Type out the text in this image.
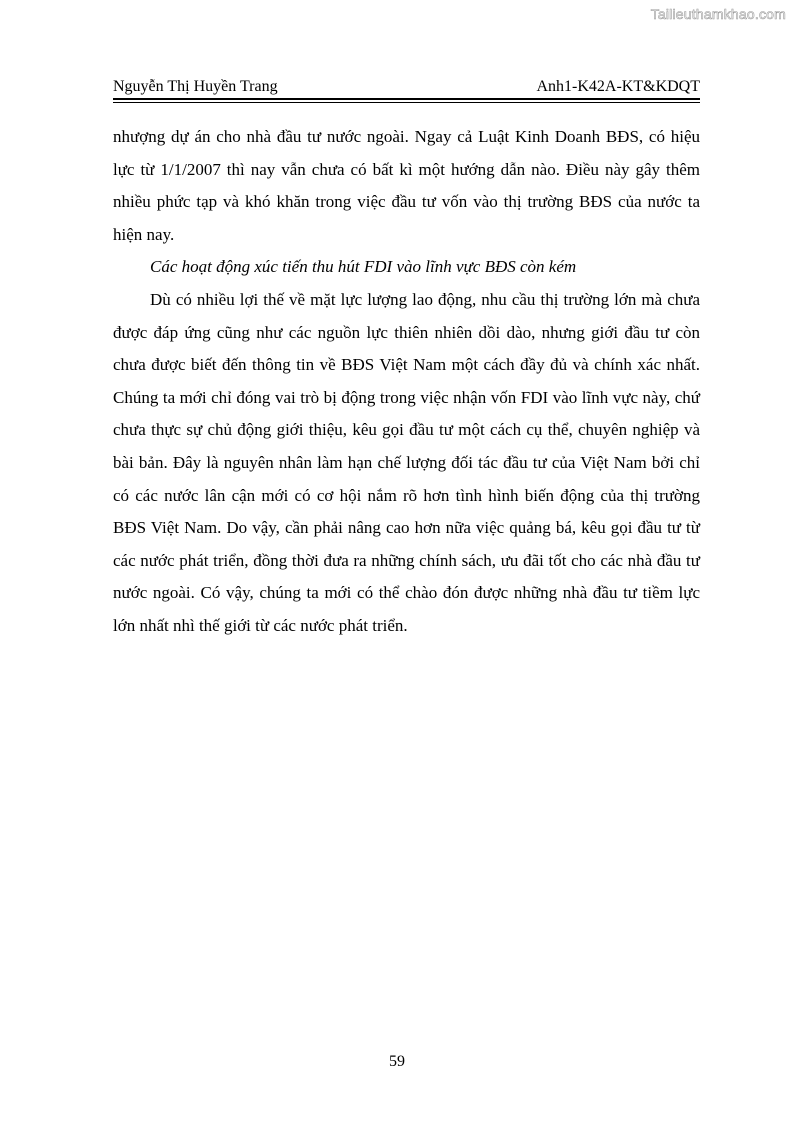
Tailieuthamkhao.com
Nguyễn Thị Huyền Trang	Anh1-K42A-KT&KDQT

nhượng dự án cho nhà đầu tư nước ngoài. Ngay cả Luật Kinh Doanh BĐS, có hiệu lực từ 1/1/2007 thì nay vẫn chưa có bất kì một hướng dẫn nào. Điều này gây thêm nhiều phức tạp và khó khăn trong việc đầu tư vốn vào thị trường BĐS của nước ta hiện nay.

Các hoạt động xúc tiến thu hút FDI vào lĩnh vực BĐS còn kém

Dù có nhiều lợi thế về mặt lực lượng lao động, nhu cầu thị trường lớn mà chưa được đáp ứng cũng như các nguồn lực thiên nhiên dồi dào, nhưng giới đầu tư còn chưa được biết đến thông tin về BĐS Việt Nam một cách đầy đủ và chính xác nhất. Chúng ta mới chỉ đóng vai trò bị động trong việc nhận vốn FDI vào lĩnh vực này, chứ chưa thực sự chủ động giới thiệu, kêu gọi đầu tư một cách cụ thể, chuyên nghiệp và bài bản. Đây là nguyên nhân làm hạn chế lượng đối tác đầu tư của Việt Nam bởi chỉ có các nước lân cận mới có cơ hội nắm rõ hơn tình hình biến động của thị trường BĐS Việt Nam. Do vậy, cần phải nâng cao hơn nữa việc quảng bá, kêu gọi đầu tư từ các nước phát triển, đồng thời đưa ra những chính sách, ưu đãi tốt cho các nhà đầu tư nước ngoài. Có vậy, chúng ta mới có thể chào đón được những nhà đầu tư tiềm lực lớn nhất nhì thế giới từ các nước phát triển.

59
